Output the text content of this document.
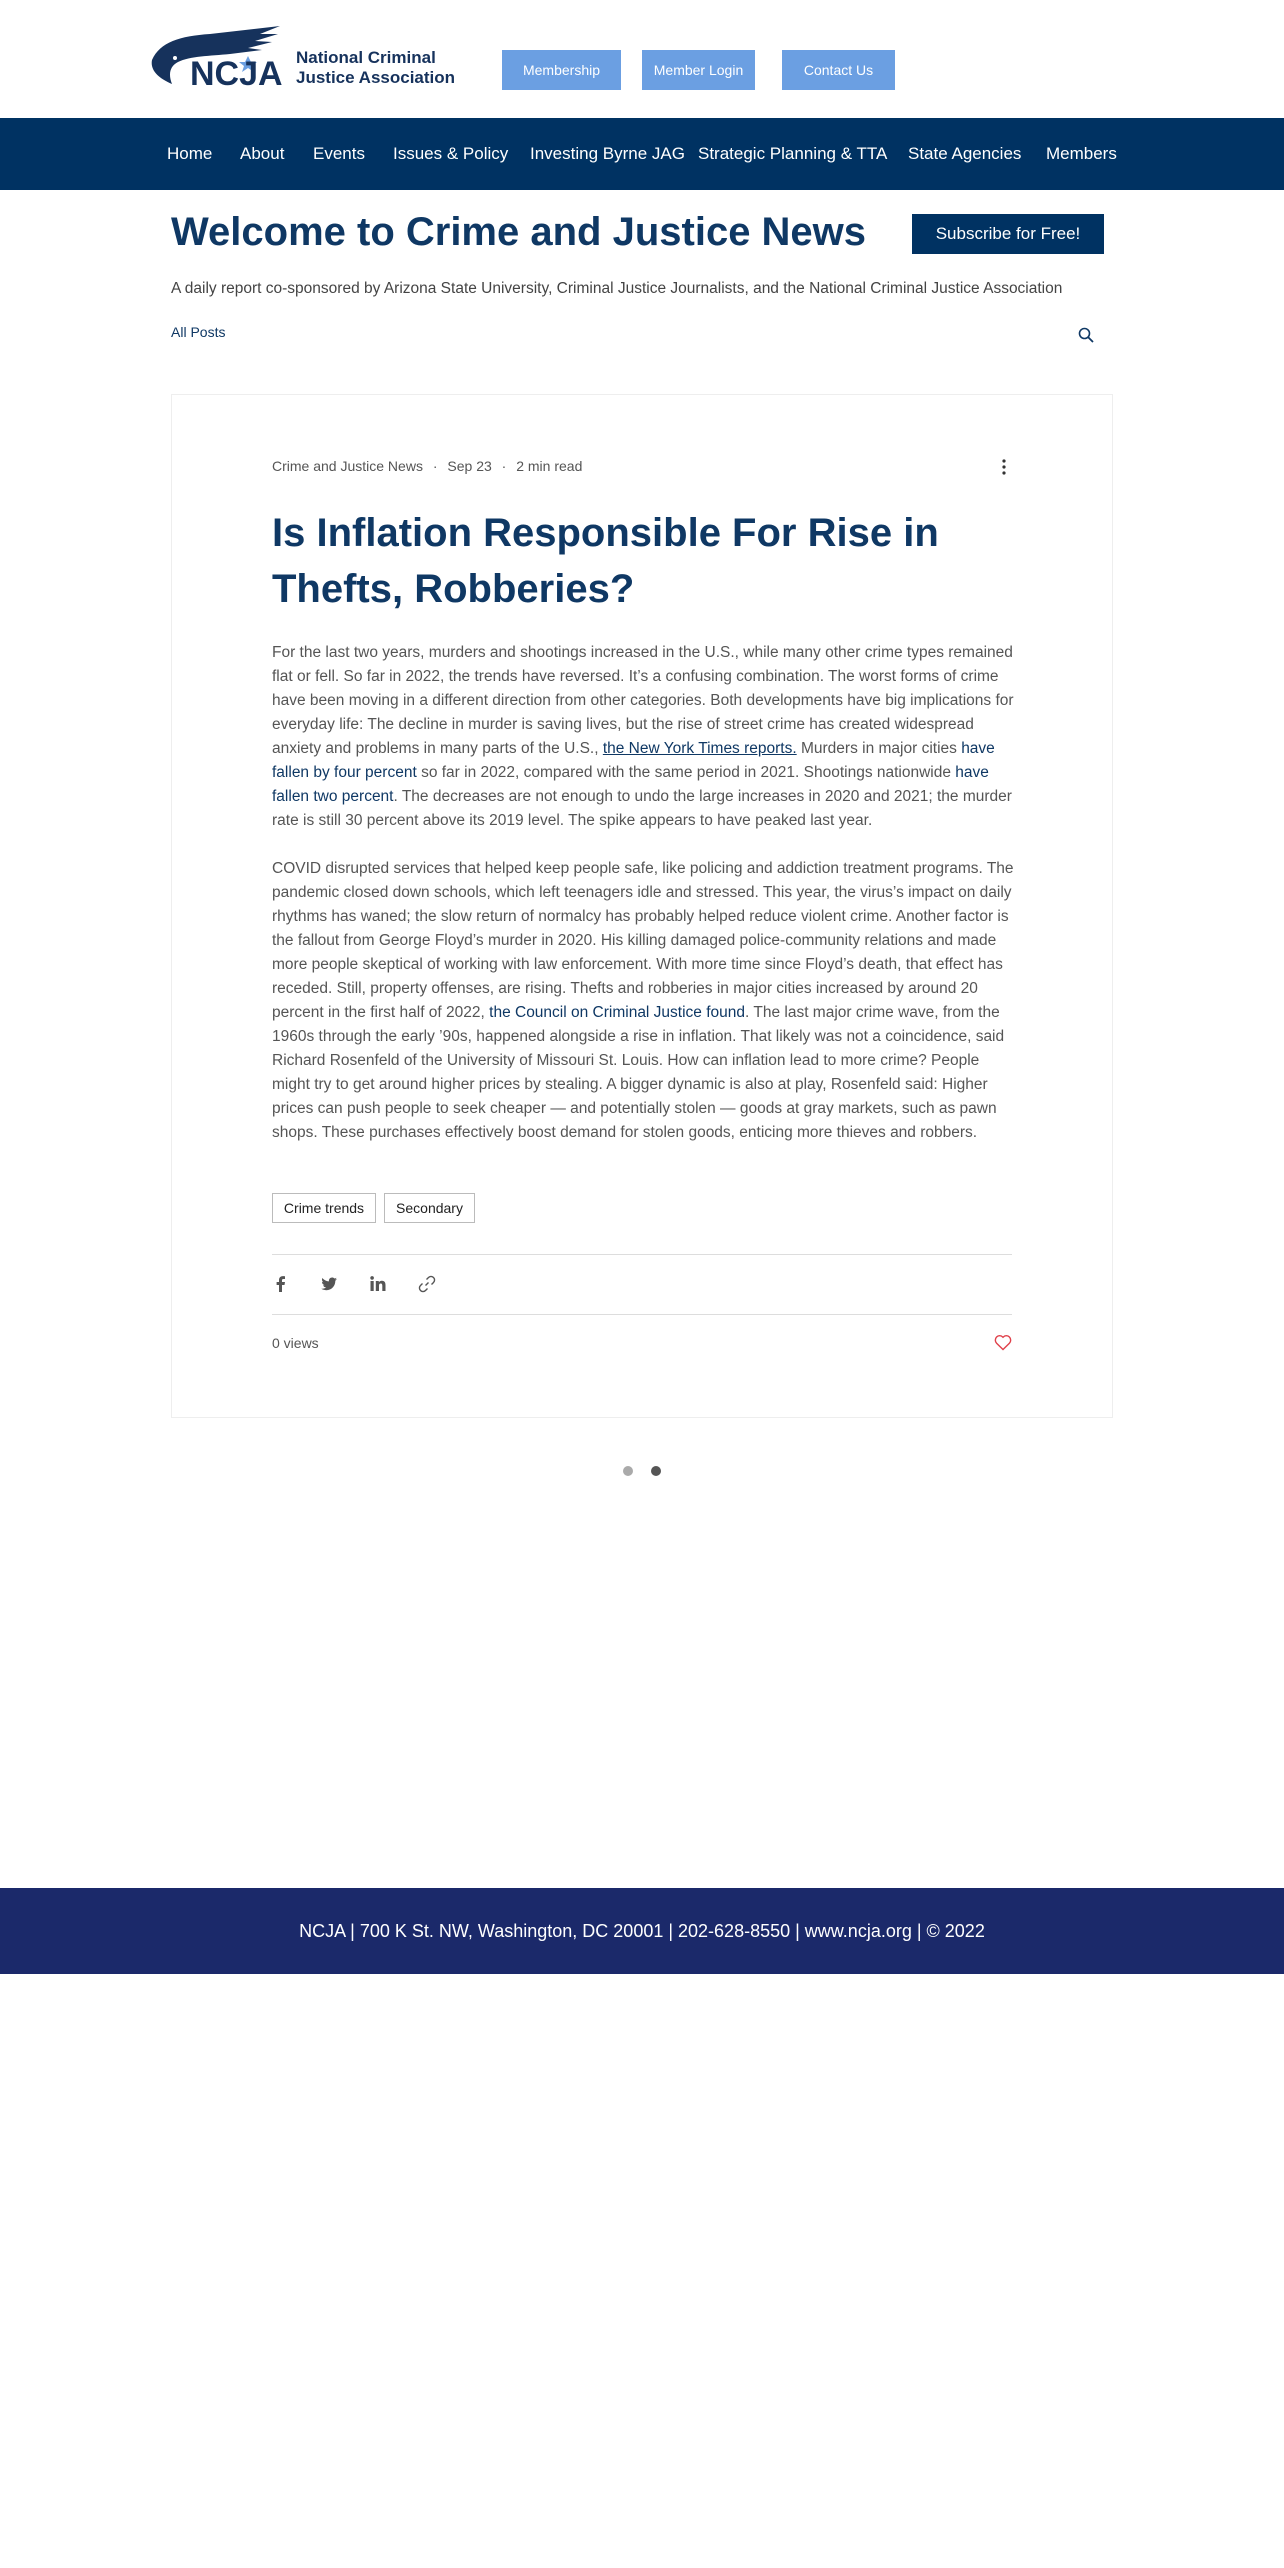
NCJA National Criminal
Justice Association	Membership	Member Login	Contact Us
Home About Events Issues & Policy Investing Byrne JAG Strategic Planning & TTA State Agencies Members
Welcome to Crime and Justice News	Subscribe for Free!
A daily report co-sponsored by Arizona State University, Criminal Justice Journalists, and the National Criminal Justice Association
All Posts
Crime and Justice News · Sep 23 · 2 min read
Is Inflation Responsible For Rise in Thefts, Robberies?

For the last two years, murders and shootings increased in the U.S., while many other crime types remained flat or fell. So far in 2022, the trends have reversed. It’s a confusing combination. The worst forms of crime have been moving in a different direction from other categories. Both developments have big implications for everyday life: The decline in murder is saving lives, but the rise of street crime has created widespread anxiety and problems in many parts of the U.S., the New York Times reports. Murders in major cities have fallen by four percent so far in 2022, compared with the same period in 2021. Shootings nationwide have fallen two percent. The decreases are not enough to undo the large increases in 2020 and 2021; the murder rate is still 30 percent above its 2019 level. The spike appears to have peaked last year.

COVID disrupted services that helped keep people safe, like policing and addiction treatment programs. The pandemic closed down schools, which left teenagers idle and stressed. This year, the virus’s impact on daily rhythms has waned; the slow return of normalcy has probably helped reduce violent crime. Another factor is the fallout from George Floyd’s murder in 2020. His killing damaged police-community relations and made more people skeptical of working with law enforcement. With more time since Floyd’s death, that effect has receded. Still, property offenses, are rising. Thefts and robberies in major cities increased by around 20 percent in the first half of 2022, the Council on Criminal Justice found. The last major crime wave, from the 1960s through the early ’90s, happened alongside a rise in inflation. That likely was not a coincidence, said Richard Rosenfeld of the University of Missouri St. Louis. How can inflation lead to more crime? People might try to get around higher prices by stealing. A bigger dynamic is also at play, Rosenfeld said: Higher prices can push people to seek cheaper — and potentially stolen — goods at gray markets, such as pawn shops. These purchases effectively boost demand for stolen goods, enticing more thieves and robbers.

Crime trends	Secondary
0 views
NCJA | 700 K St. NW, Washington, DC 20001 | 202-628-8550 | www.ncja.org | © 2022
